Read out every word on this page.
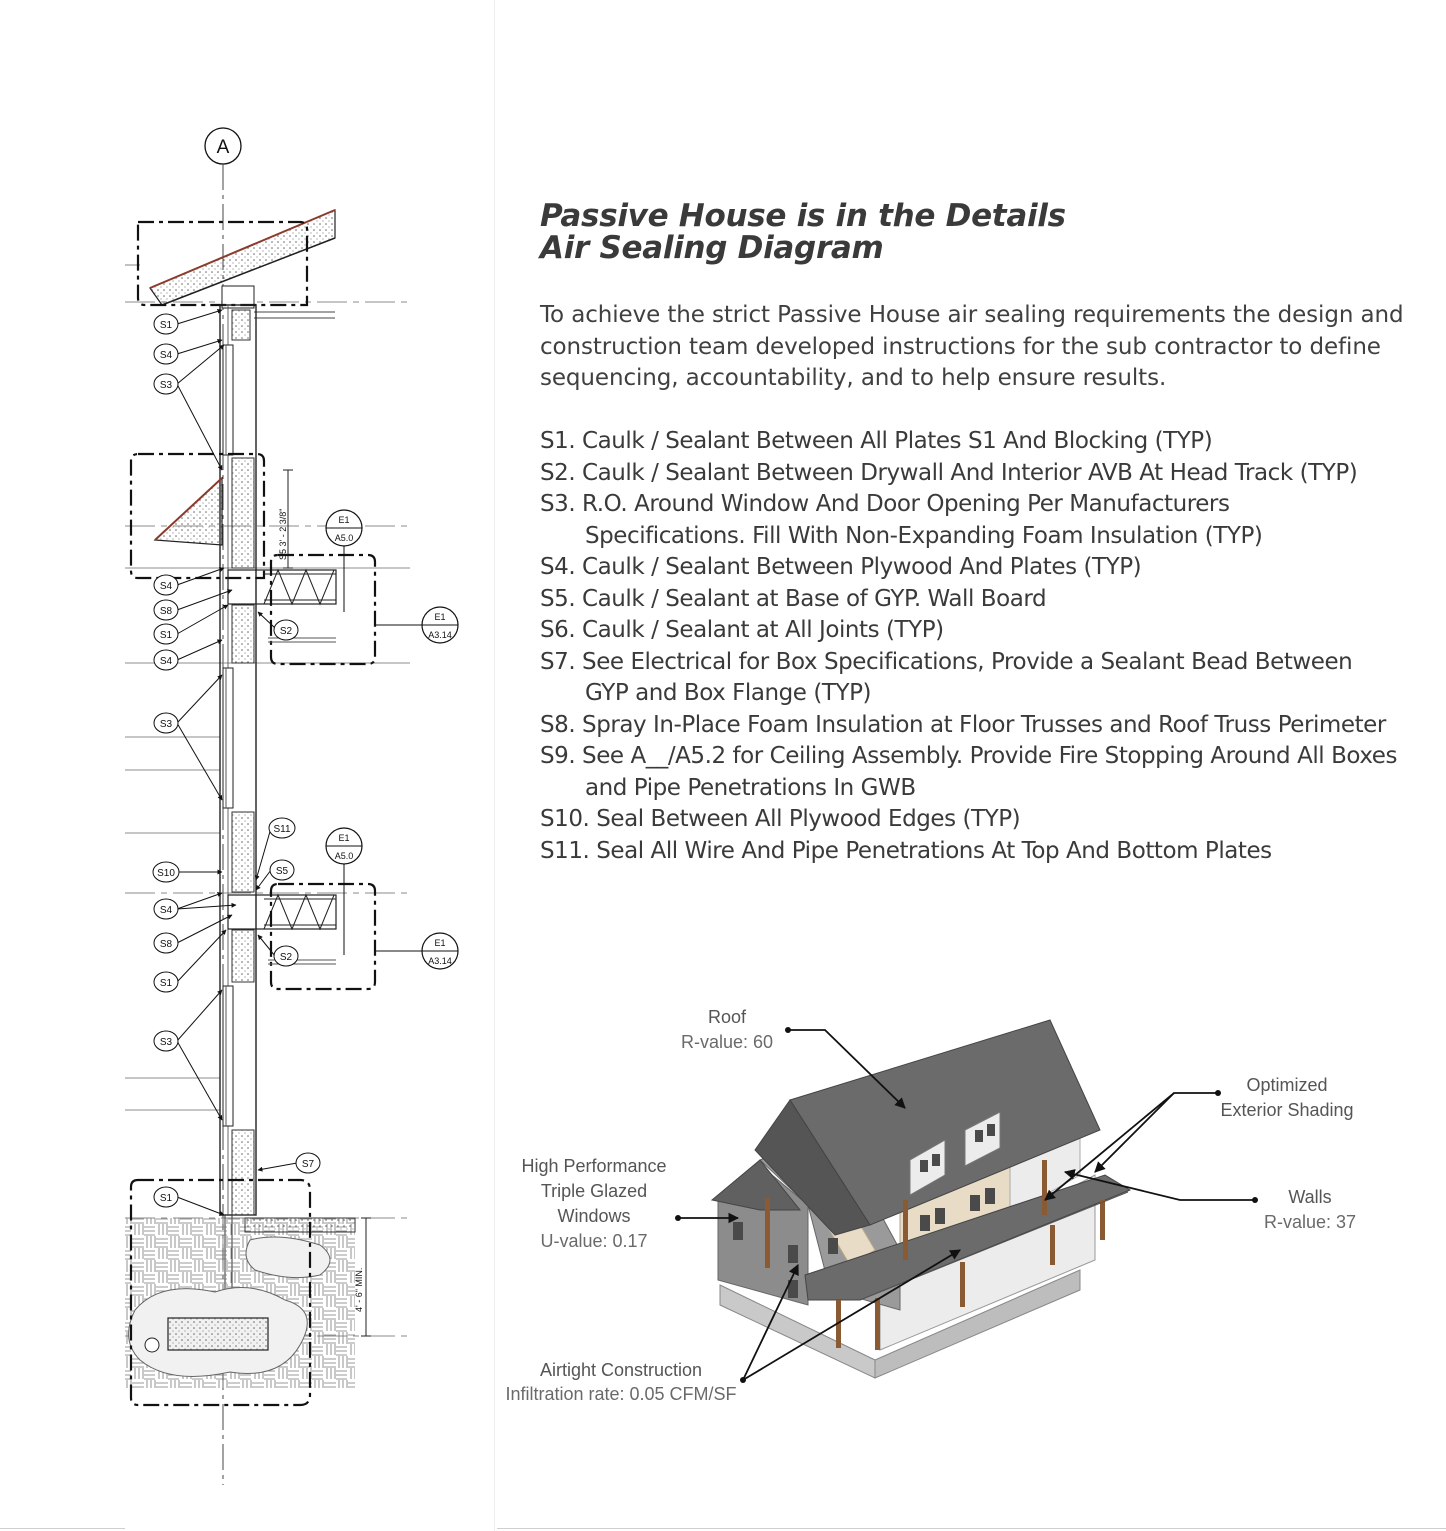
A
S5 3' - 2 3/8"
4' - 6" MIN.
E1
A5.0
E1
A3.14
E1
A5.0
E1
A3.14
S1
S4
S3
S4
S8
S1
S4
S2
S3
S11
S10	S5
S4
S8
S1
S2
S3
S7
S1
Passive House is in the Details
Air Sealing Diagram
To achieve the strict Passive House air sealing requirements the design and construction team developed instructions for the sub contractor to define sequencing, accountability, and to help ensure results.
S1. Caulk / Sealant Between All Plates S1 And Blocking (TYP)
S2. Caulk / Sealant Between Drywall And Interior AVB At Head Track (TYP)
S3. R.O. Around Window And Door Opening Per Manufacturers
Specifications. Fill With Non-Expanding Foam Insulation (TYP)
S4. Caulk / Sealant Between Plywood And Plates (TYP)
S5. Caulk / Sealant at Base of GYP. Wall Board
S6. Caulk / Sealant at All Joints (TYP)
S7. See Electrical for Box Specifications, Provide a Sealant Bead Between
GYP and Box Flange (TYP)
S8. Spray In-Place Foam Insulation at Floor Trusses and Roof Truss Perimeter
S9. See A__/A5.2 for Ceiling Assembly. Provide Fire Stopping Around All Boxes
and Pipe Penetrations In GWB
S10. Seal Between All Plywood Edges (TYP)
S11. Seal All Wire And Pipe Penetrations At Top And Bottom Plates
Roof
R-value: 60
Optimized
Exterior Shading
High Performance
Triple Glazed
Windows
U-value: 0.17
Walls
R-value: 37
Airtight Construction
Infiltration rate: 0.05 CFM/SF
